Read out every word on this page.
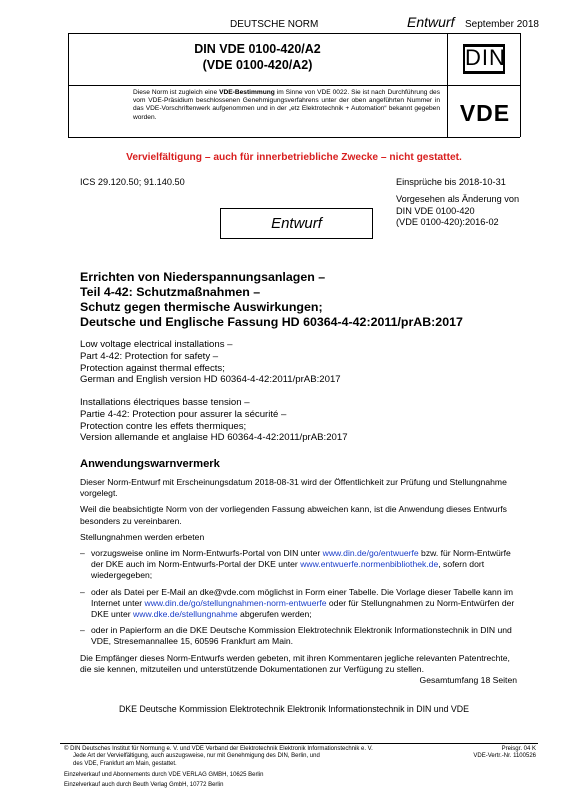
DEUTSCHE NORM	Entwurf September 2018
DIN VDE 0100-420/A2
(VDE 0100-420/A2)	DIN
Diese Norm ist zugleich eine VDE-Bestimmung im Sinne von VDE 0022. Sie ist nach Durchführung des vom VDE-Präsidium beschlossenen Genehmigungsverfahrens unter der oben angeführten Nummer in das VDE-Vorschriftenwerk aufgenommen und in der „etz Elektrotechnik + Automation“ bekannt gegeben worden.	VDE
Vervielfältigung – auch für innerbetriebliche Zwecke – nicht gestattet.
ICS 29.120.50; 91.140.50	Einsprüche bis 2018-10-31
Vorgesehen als Änderung von
DIN VDE 0100-420
(VDE 0100-420):2016-02
Entwurf
Errichten von Niederspannungsanlagen –
Teil 4-42: Schutzmaßnahmen –
Schutz gegen thermische Auswirkungen;
Deutsche und Englische Fassung HD 60364-4-42:2011/prAB:2017
Low voltage electrical installations –
Part 4-42: Protection for safety –
Protection against thermal effects;
German and English version HD 60364-4-42:2011/prAB:2017
Installations électriques basse tension –
Partie 4-42: Protection pour assurer la sécurité –
Protection contre les effets thermiques;
Version allemande et anglaise HD 60364-4-42:2011/prAB:2017
Anwendungswarnvermerk

Dieser Norm-Entwurf mit Erscheinungsdatum 2018-08-31 wird der Öffentlichkeit zur Prüfung und Stellungnahme vorgelegt.

Weil die beabsichtigte Norm von der vorliegenden Fassung abweichen kann, ist die Anwendung dieses Entwurfs besonders zu vereinbaren.

Stellungnahmen werden erbeten

– vorzugsweise online im Norm-Entwurfs-Portal von DIN unter www.din.de/go/entwuerfe bzw. für Norm-Entwürfe der DKE auch im Norm-Entwurfs-Portal der DKE unter www.entwuerfe.normenbibliothek.de, sofern dort wiedergegeben;
– oder als Datei per E-Mail an dke@vde.com möglichst in Form einer Tabelle. Die Vorlage dieser Tabelle kann im Internet unter www.din.de/go/stellungnahmen-norm-entwuerfe oder für Stellungnahmen zu Norm-Entwürfen der DKE unter www.dke.de/stellungnahme abgerufen werden;
– oder in Papierform an die DKE Deutsche Kommission Elektrotechnik Elektronik Informationstechnik in DIN und VDE, Stresemannallee 15, 60596 Frankfurt am Main.

Die Empfänger dieses Norm-Entwurfs werden gebeten, mit ihren Kommentaren jegliche relevanten Patentrechte, die sie kennen, mitzuteilen und unterstützende Dokumentationen zur Verfügung zu stellen.

Gesamtumfang 18 Seiten

DKE Deutsche Kommission Elektrotechnik Elektronik Informationstechnik in DIN und VDE
© DIN Deutsches Institut für Normung e. V. und VDE Verband der Elektrotechnik Elektronik Informationstechnik e. V.
Jede Art der Vervielfältigung, auch auszugsweise, nur mit Genehmigung des DIN, Berlin, und
des VDE, Frankfurt am Main, gestattet.
Einzelverkauf und Abonnements durch VDE VERLAG GMBH, 10625 Berlin
Einzelverkauf auch durch Beuth Verlag GmbH, 10772 Berlin
Preisgr. 04 K
VDE-Vertr.-Nr. 1100526
